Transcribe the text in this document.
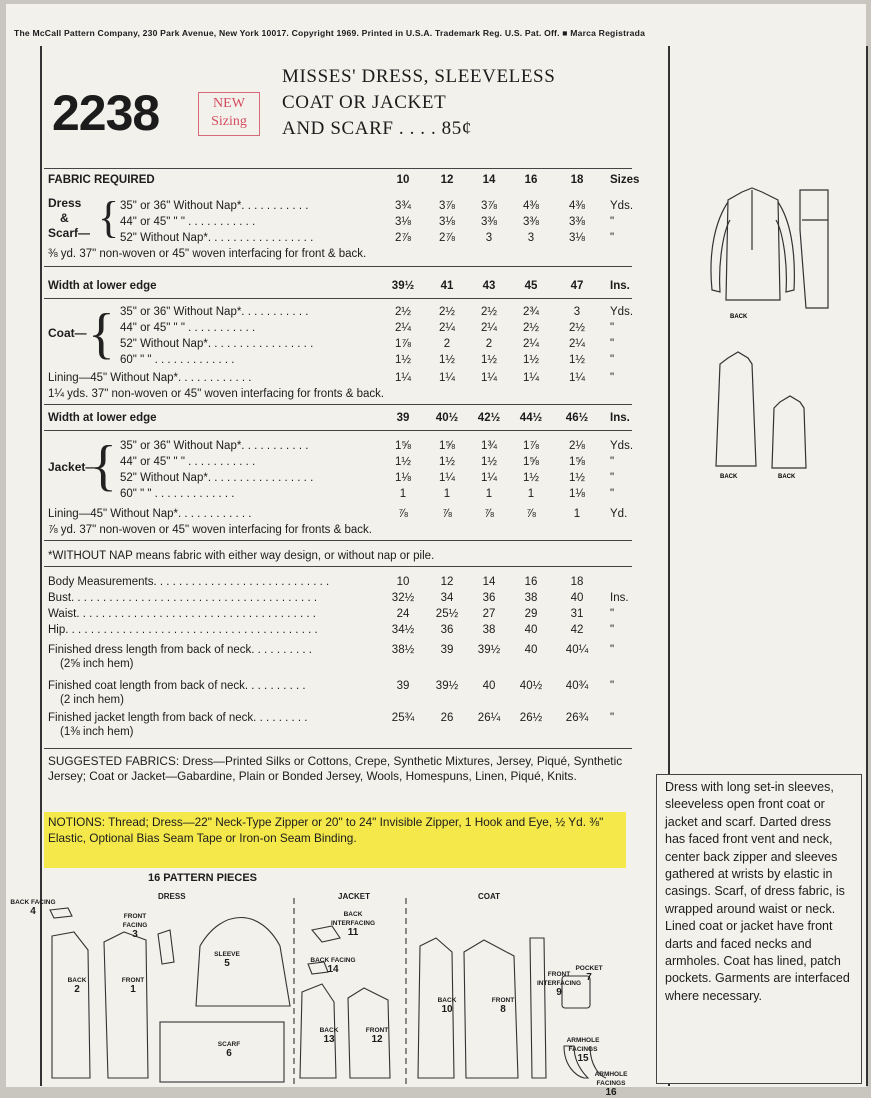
The McCall Pattern Company, 230 Park Avenue, New York 10017. Copyright 1969. Printed in U.S.A. Trademark Reg. U.S. Pat. Off. ■ Marca Registrada
2238	NEW
Sizing
MISSES' DRESS, SLEEVELESS
COAT OR JACKET
AND SCARF . . . . 85¢
FABRIC REQUIRED	10	12	14	16	18	Sizes
35" or 36" Without Nap*. . . . . . . . . . .	3¾	3⅞	3⅞	4⅜	4⅜	Yds.
44" or 45" " " . . . . . . . . . . .	3⅛	3⅛	3⅜	3⅜	3⅜	"
52" Without Nap*. . . . . . . . . . . . . . . . .	2⅞	2⅞	3	3	3⅛	"
Dress
&
Scarf— {
⅜ yd. 37" non-woven or 45" woven interfacing for front & back.
Width at lower edge	39½	41	43	45	47	Ins.
35" or 36" Without Nap*. . . . . . . . . . .	2½	2½	2½	2¾	3	Yds.
44" or 45" " " . . . . . . . . . . .	2¼	2¼	2¼	2½	2½	"
52" Without Nap*. . . . . . . . . . . . . . . . .	1⅞	2	2	2¼	2¼	"
60" " " . . . . . . . . . . . . .	1½	1½	1½	1½	1½	"
Coat— {
Lining—45" Without Nap*. . . . . . . . . . . .	1¼	1¼	1¼	1¼	1¼	"
1¼ yds. 37" non-woven or 45" woven interfacing for fronts & back.
Width at lower edge	39	40½	42½	44½	46½	Ins.
35" or 36" Without Nap*. . . . . . . . . . .	1⅝	1⅝	1¾	1⅞	2⅛	Yds.
44" or 45" " " . . . . . . . . . . .	1½	1½	1½	1⅝	1⅝	"
52" Without Nap*. . . . . . . . . . . . . . . . .	1⅛	1¼	1¼	1½	1½	"
60" " " . . . . . . . . . . . . .	1	1	1	1	1⅛	"
Jacket—
{
Lining—45" Without Nap*. . . . . . . . . . . .	⅞	⅞	⅞	⅞	1	Yd.
⅞ yd. 37" non-woven or 45" woven interfacing for fronts & back.
*WITHOUT NAP means fabric with either way design, or without nap or pile.
Body Measurements. . . . . . . . . . . . . . . . . . . . . . . . . . . .	10	12	14	16	18
Bust. . . . . . . . . . . . . . . . . . . . . . . . . . . . . . . . . . . . . . .	32½	34	36	38	40	Ins.
Waist. . . . . . . . . . . . . . . . . . . . . . . . . . . . . . . . . . . . . .	24	25½	27	29	31	"
Hip. . . . . . . . . . . . . . . . . . . . . . . . . . . . . . . . . . . . . . . .	34½	36	38	40	42	"
Finished dress length from back of neck. . . . . . . . . .	38½	39	39½	40	40¼	"
(2⅝ inch hem)
Finished coat length from back of neck. . . . . . . . . .	39	39½	40	40½	40¾	"
(2 inch hem)
Finished jacket length from back of neck. . . . . . . . .	25¾	26	26¼	26½	26¾	"
(1⅜ inch hem)
SUGGESTED FABRICS: Dress—Printed Silks or Cottons, Crepe, Synthetic Mixtures, Jersey, Piqué, Synthetic Jersey; Coat or Jacket—Gabardine, Plain or Bonded Jersey, Wools, Homespuns, Linen, Piqué, Knits.
NOTIONS: Thread; Dress—22" Neck-Type Zipper or 20" to 24" Invisible Zipper, 1 Hook and Eye, ½ Yd. ⅜" Elastic, Optional Bias Seam Tape or Iron-on Seam Binding.
BACK
BACK	BACK
Dress with long set-in sleeves, sleeveless open front coat or jacket and scarf. Darted dress has faced front vent and neck, center back zipper and sleeves gathered at wrists by elastic in casings. Scarf, of dress fabric, is wrapped around waist or neck. Lined coat or jacket have front darts and faced necks and armholes. Coat has lined, patch pockets. Garments are interfaced where necessary.
16 PATTERN PIECES
DRESS	JACKET	COAT
BACK FACING
4	FRONT FACING
3
SLEEVE
5
BACK
2
FRONT
1
SCARF
6
BACK INTERFACING
11
BACK FACING
14
BACK
13
FRONT
12
BACK
10
FRONT
8
FRONT INTERFACING
9
POCKET
7
ARMHOLE FACINGS
15
ARMHOLE FACINGS
16
